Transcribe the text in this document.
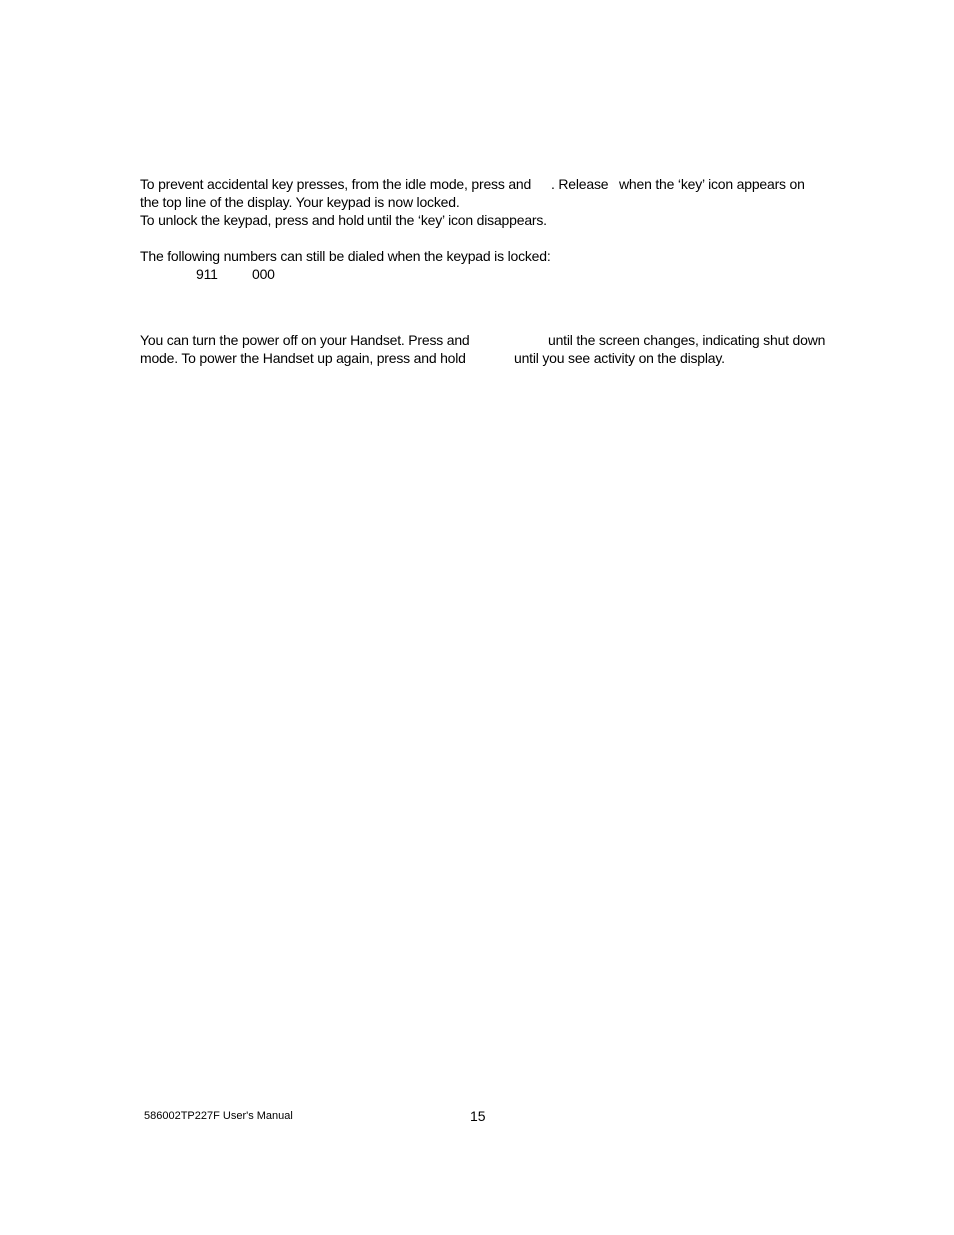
To prevent accidental key presses, from the idle mode, press and . Release when the ‘key’ icon appears on
the top line of the display. Your keypad is now locked.
To unlock the keypad, press and hold until the ‘key’ icon disappears.
The following numbers can still be dialed when the keypad is locked:
911 000
You can turn the power off on your Handset. Press and	until the screen changes, indicating shut down
mode. To power the Handset up again, press and hold	until you see activity on the display.
586002TP227F User's Manual	15
